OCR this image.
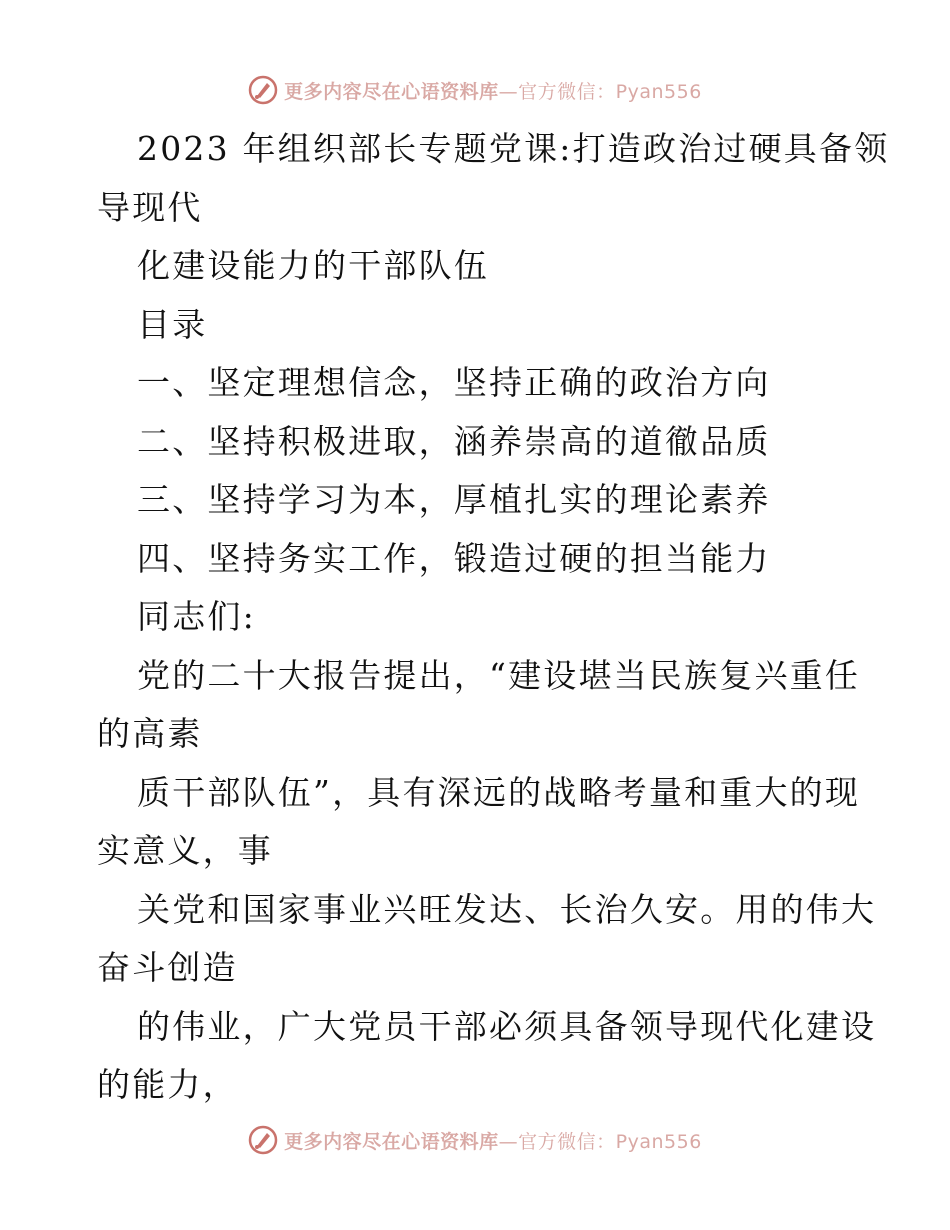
更多内容尽在心语资料库—官方微信：Pyan556
2023 年组织部长专题党课:打造政治过硬具备领
导现代
化建设能力的干部队伍
目录
一、坚定理想信念，坚持正确的政治方向
二、坚持积极进取，涵养崇高的道徹品质
三、坚持学习为本，厚植扎实的理论素养
四、坚持务实工作，锻造过硬的担当能力
同志们:
党的二十大报告提出，“建设堪当民族复兴重任
的高素
质干部队伍”，具有深远的战略考量和重大的现
实意义，事
关党和国家事业兴旺发达、长治久安。用的伟大
奋斗创造
的伟业，广大党员干部必须具备领导现代化建设
的能力，
更多内容尽在心语资料库—官方微信：Pyan556
